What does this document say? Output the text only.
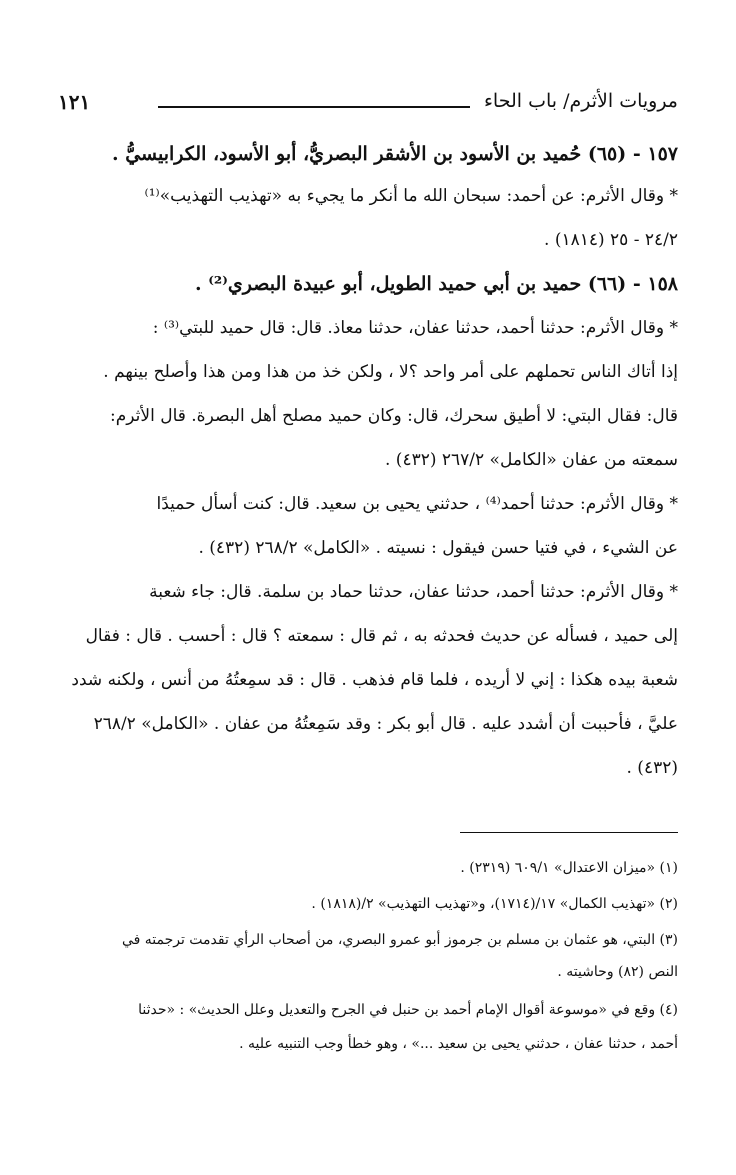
مرويات الأثرم/ باب الحاء
١٢١
١٥٧ - (٦٥) حُميد بن الأسود بن الأشقر البصريُّ، أبو الأسود، الكرابيسيُّ .
* وقال الأثرم: عن أحمد: سبحان الله ما أنكر ما يجيء به «تهذيب التهذيب»⁽¹⁾
٢٤/٢ - ٢٥ (١٨١٤) .
١٥٨ - (٦٦) حميد بن أبي حميد الطويل، أبو عبيدة البصري⁽²⁾ .
* وقال الأثرم: حدثنا أحمد، حدثنا عفان، حدثنا معاذ. قال: قال حميد للبتي⁽³⁾ :
إذا أتاك الناس تحملهم على أمر واحد ؟لا ، ولكن خذ من هذا ومن هذا وأصلح بينهم .
قال: فقال البتي: لا أطيق سحرك، قال: وكان حميد مصلح أهل البصرة. قال الأثرم:
سمعته من عفان «الكامل» ٢٦٧/٢ (٤٣٢) .
* وقال الأثرم: حدثنا أحمد⁽⁴⁾ ، حدثني يحيى بن سعيد. قال: كنت أسأل حميدًا
عن الشيء ، في فتيا حسن فيقول : نسيته . «الكامل» ٢٦٨/٢ (٤٣٢) .
* وقال الأثرم: حدثنا أحمد، حدثنا عفان، حدثنا حماد بن سلمة. قال: جاء شعبة
إلى حميد ، فسأله عن حديث فحدثه به ، ثم قال : سمعته ؟ قال : أحسب . قال : فقال
شعبة بيده هكذا : إني لا أريده ، فلما قام فذهب . قال : قد سمِعتُهُ من أنس ، ولكنه شدد
عليَّ ، فأحببت أن أشدد عليه . قال أبو بكر : وقد سَمِعتُهُ من عفان . «الكامل» ٢٦٨/٢
(٤٣٢) .
(١) «ميزان الاعتدال» ٦٠٩/١ (٢٣١٩) .
(٢) «تهذيب الكمال» ١٧/(١٧١٤)، و«تهذيب التهذيب» ٢/(١٨١٨) .
(٣) البتي، هو عثمان بن مسلم بن جرموز أبو عمرو البصري، من أصحاب الرأي تقدمت ترجمته في
النص (٨٢) وحاشيته .
(٤) وقع في «موسوعة أقوال الإمام أحمد بن حنبل في الجرح والتعديل وعلل الحديث» : «حدثنا
أحمد ، حدثنا عفان ، حدثني يحيى بن سعيد ...» ، وهو خطأ وجب التنبيه عليه .
